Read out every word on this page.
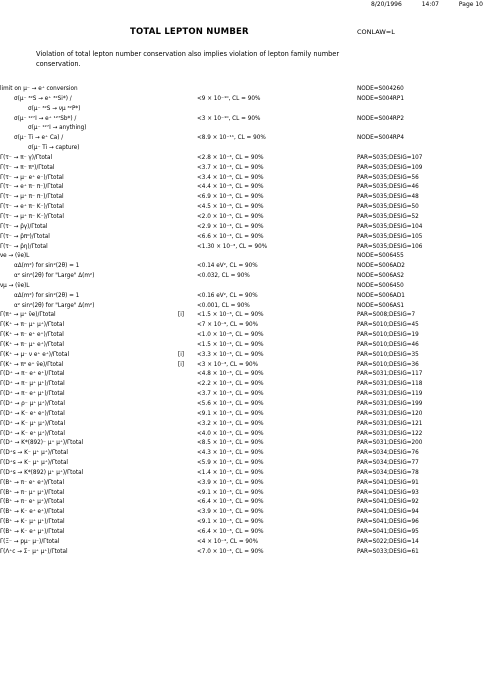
8/20/1996	14:07	Page 10
TOTAL LEPTON NUMBER	CONLAW=L
Violation of total lepton number conservation also implies violation of lepton family number conservation.
limit on μ⁻ → e⁺ conversion	NODE=S004260
σ(μ⁻ ³²S → e⁺ ³²Si*) /	<9 × 10⁻¹⁰, CL = 90%	NODE=S004RP1
σ(μ⁻ ³²S → νμ ³²P*)
σ(μ⁻ ¹²⁷I → e⁺ ¹²⁷Sb*) /	<3 × 10⁻¹⁰, CL = 90%	NODE=S004RP2
σ(μ⁻ ¹²⁷I → anything)
σ(μ⁻ Ti → e⁺ Ca) /	<8.9 × 10⁻¹¹, CL = 90%	NODE=S004RP4
σ(μ⁻ Ti → capture)
Γ(τ⁻ → π⁻ γ)/Γtotal	<2.8 × 10⁻⁴, CL = 90%	PAR=S035;DESIG=107
Γ(τ⁻ → π⁻ π⁰)/Γtotal	<3.7 × 10⁻⁴, CL = 90%	PAR=S035;DESIG=109
Γ(τ⁻ → μ⁻ e⁺ e⁻)/Γtotal	<3.4 × 10⁻⁶, CL = 90%	PAR=S035;DESIG=56
Γ(τ⁻ → e⁺ π⁻ π⁻)/Γtotal	<4.4 × 10⁻⁶, CL = 90%	PAR=S035;DESIG=46
Γ(τ⁻ → μ⁺ π⁻ π⁻)/Γtotal	<6.9 × 10⁻⁶, CL = 90%	PAR=S035;DESIG=48
Γ(τ⁻ → e⁺ π⁻ K⁻)/Γtotal	<4.5 × 10⁻⁶, CL = 90%	PAR=S035;DESIG=50
Γ(τ⁻ → μ⁺ π⁻ K⁻)/Γtotal	<2.0 × 10⁻⁵, CL = 90%	PAR=S035;DESIG=52
Γ(τ⁻ → p̄γ)/Γtotal	<2.9 × 10⁻⁴, CL = 90%	PAR=S035;DESIG=104
Γ(τ⁻ → p̄π⁰)/Γtotal	<6.6 × 10⁻⁴, CL = 90%	PAR=S035;DESIG=105
Γ(τ⁻ → p̄η)/Γtotal	<1.30 × 10⁻³, CL = 90%	PAR=S035;DESIG=106
νe → (ν̄e)L	NODE=S006455
αΔ(m²) for sin²(2θ) = 1	<0.14 eV², CL = 90%	NODE=S006AD2
α² sin²(2θ) for "Large" Δ(m²)	<0.032, CL = 90%	NODE=S006AS2
νμ → (ν̄e)L	NODE=S006450
αΔ(m²) for sin²(2θ) = 1	<0.16 eV², CL = 90%	NODE=S006AD1
α² sin²(2θ) for "Large" Δ(m²)	<0.001, CL = 90%	NODE=S006AS1
Γ(π⁺ → μ⁺ ν̄e)/Γtotal	[i] <1.5 × 10⁻³, CL = 90%	PAR=S008;DESIG=7
Γ(K⁺ → π⁻ μ⁺ μ⁺)/Γtotal	<7 × 10⁻⁹, CL = 90%	PAR=S010;DESIG=45
Γ(K⁺ → π⁻ e⁺ e⁺)/Γtotal	<1.0 × 10⁻⁸, CL = 90%	PAR=S010;DESIG=19
Γ(K⁺ → π⁻ μ⁺ e⁺)/Γtotal	<1.5 × 10⁻⁴, CL = 90%	PAR=S010;DESIG=46
Γ(K⁺ → μ⁻ ν e⁺ e⁺)/Γtotal	[i] <3.3 × 10⁻³, CL = 90%	PAR=S010;DESIG=35
Γ(K⁺ → π⁰ e⁺ ν̄e)/Γtotal	[i] <3 × 10⁻³, CL = 90%	PAR=S010;DESIG=36
Γ(D⁺ → π⁻ e⁺ e⁺)/Γtotal	<4.8 × 10⁻³, CL = 90%	PAR=S031;DESIG=117
Γ(D⁺ → π⁻ μ⁺ μ⁺)/Γtotal	<2.2 × 10⁻⁴, CL = 90%	PAR=S031;DESIG=118
Γ(D⁺ → π⁻ e⁺ μ⁺)/Γtotal	<3.7 × 10⁻³, CL = 90%	PAR=S031;DESIG=119
Γ(D⁺ → ρ⁻ μ⁺ μ⁺)/Γtotal	<5.6 × 10⁻⁴, CL = 90%	PAR=S031;DESIG=199
Γ(D⁺ → K⁻ e⁺ e⁺)/Γtotal	<9.1 × 10⁻³, CL = 90%	PAR=S031;DESIG=120
Γ(D⁺ → K⁻ μ⁺ μ⁺)/Γtotal	<3.2 × 10⁻⁴, CL = 90%	PAR=S031;DESIG=121
Γ(D⁺ → K⁻ e⁺ μ⁺)/Γtotal	<4.0 × 10⁻³, CL = 90%	PAR=S031;DESIG=122
Γ(D⁺ → K*(892)⁻ μ⁺ μ⁺)/Γtotal	<8.5 × 10⁻⁴, CL = 90%	PAR=S031;DESIG=200
Γ(D⁺s → K⁻ μ⁺ μ⁺)/Γtotal	<4.3 × 10⁻⁴, CL = 90%	PAR=S034;DESIG=76
Γ(D⁺s → K⁻ μ⁺ μ⁺)/Γtotal	<5.9 × 10⁻⁴, CL = 90%	PAR=S034;DESIG=77
Γ(D⁺s → K*(892) μ⁺ μ⁺)/Γtotal	<1.4 × 10⁻³, CL = 90%	PAR=S034;DESIG=78
Γ(B⁺ → π⁻ e⁺ e⁺)/Γtotal	<3.9 × 10⁻³, CL = 90%	PAR=S041;DESIG=91
Γ(B⁺ → π⁻ μ⁺ μ⁺)/Γtotal	<9.1 × 10⁻³, CL = 90%	PAR=S041;DESIG=93
Γ(B⁺ → π⁻ e⁺ μ⁺)/Γtotal	<6.4 × 10⁻³, CL = 90%	PAR=S041;DESIG=92
Γ(B⁺ → K⁻ e⁺ e⁺)/Γtotal	<3.9 × 10⁻³, CL = 90%	PAR=S041;DESIG=94
Γ(B⁺ → K⁻ μ⁺ μ⁺)/Γtotal	<9.1 × 10⁻³, CL = 90%	PAR=S041;DESIG=96
Γ(B⁺ → K⁻ e⁺ μ⁺)/Γtotal	<6.4 × 10⁻³, CL = 90%	PAR=S041;DESIG=95
Γ(Ξ⁻ → pμ⁻ μ⁻)/Γtotal	<4 × 10⁻⁴, CL = 90%	PAR=S022;DESIG=14
Γ(Λ⁺c → Σ⁻ μ⁺ μ⁺)/Γtotal	<7.0 × 10⁻⁴, CL = 90%	PAR=S033;DESIG=61
